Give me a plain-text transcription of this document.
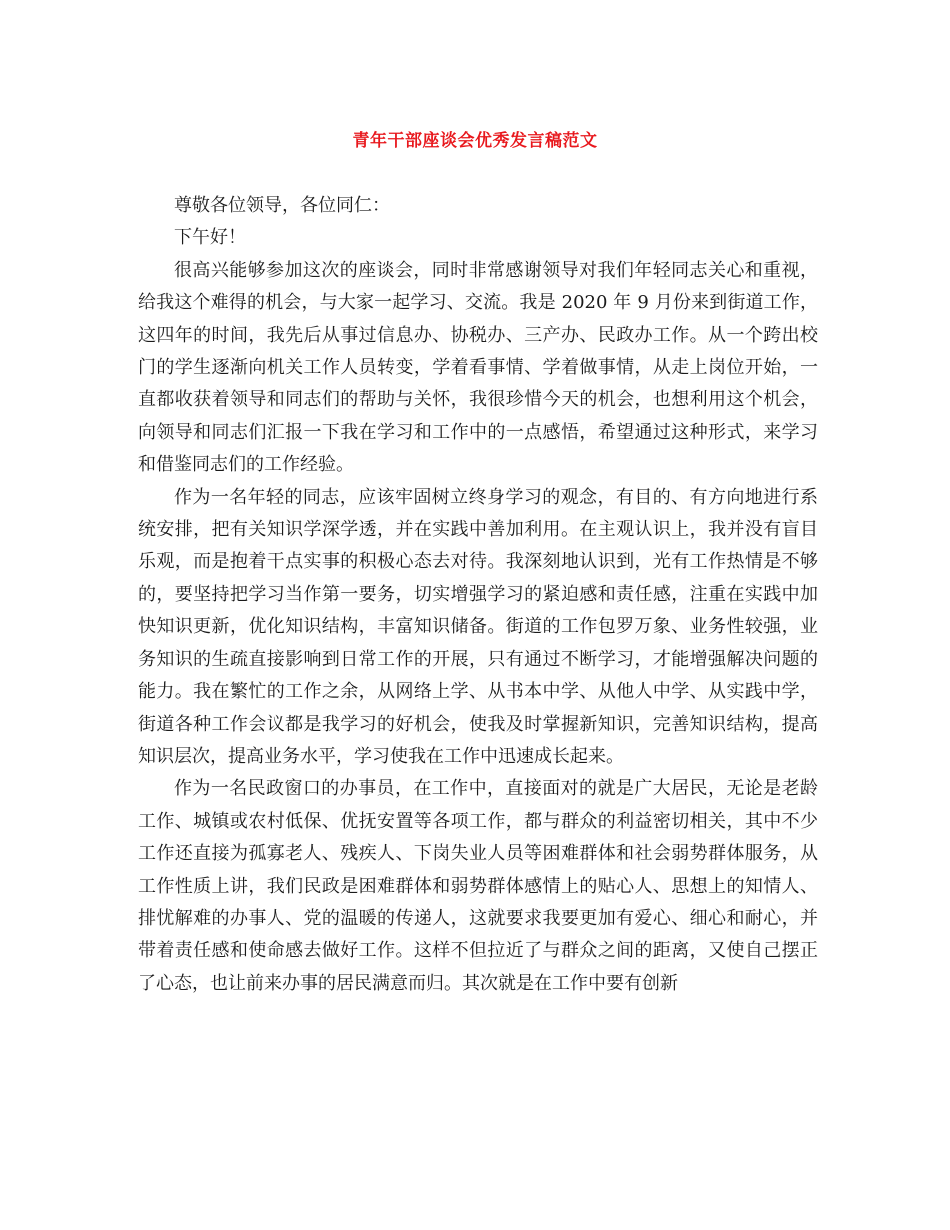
青年干部座谈会优秀发言稿范文

尊敬各位领导，各位同仁：

下午好！

很高兴能够参加这次的座谈会，同时非常感谢领导对我们年轻同志关心和重视，给我这个难得的机会，与大家一起学习、交流。我是 2020 年 9 月份来到街道工作，这四年的时间，我先后从事过信息办、协税办、三产办、民政办工作。从一个跨出校门的学生逐渐向机关工作人员转变，学着看事情、学着做事情，从走上岗位开始，一直都收获着领导和同志们的帮助与关怀，我很珍惜今天的机会，也想利用这个机会，向领导和同志们汇报一下我在学习和工作中的一点感悟，希望通过这种形式，来学习和借鉴同志们的工作经验。

作为一名年轻的同志，应该牢固树立终身学习的观念，有目的、有方向地进行系统安排，把有关知识学深学透，并在实践中善加利用。在主观认识上，我并没有盲目乐观，而是抱着干点实事的积极心态去对待。我深刻地认识到，光有工作热情是不够的，要坚持把学习当作第一要务，切实增强学习的紧迫感和责任感，注重在实践中加快知识更新，优化知识结构，丰富知识储备。街道的工作包罗万象、业务性较强，业务知识的生疏直接影响到日常工作的开展，只有通过不断学习，才能增强解决问题的能力。我在繁忙的工作之余，从网络上学、从书本中学、从他人中学、从实践中学，街道各种工作会议都是我学习的好机会，使我及时掌握新知识，完善知识结构，提高知识层次，提高业务水平，学习使我在工作中迅速成长起来。

作为一名民政窗口的办事员，在工作中，直接面对的就是广大居民，无论是老龄工作、城镇或农村低保、优抚安置等各项工作，都与群众的利益密切相关，其中不少工作还直接为孤寡老人、残疾人、下岗失业人员等困难群体和社会弱势群体服务，从工作性质上讲，我们民政是困难群体和弱势群体感情上的贴心人、思想上的知情人、排忧解难的办事人、党的温暖的传递人，这就要求我要更加有爱心、细心和耐心，并带着责任感和使命感去做好工作。这样不但拉近了与群众之间的距离，又使自己摆正了心态，也让前来办事的居民满意而归。其次就是在工作中要有创新
